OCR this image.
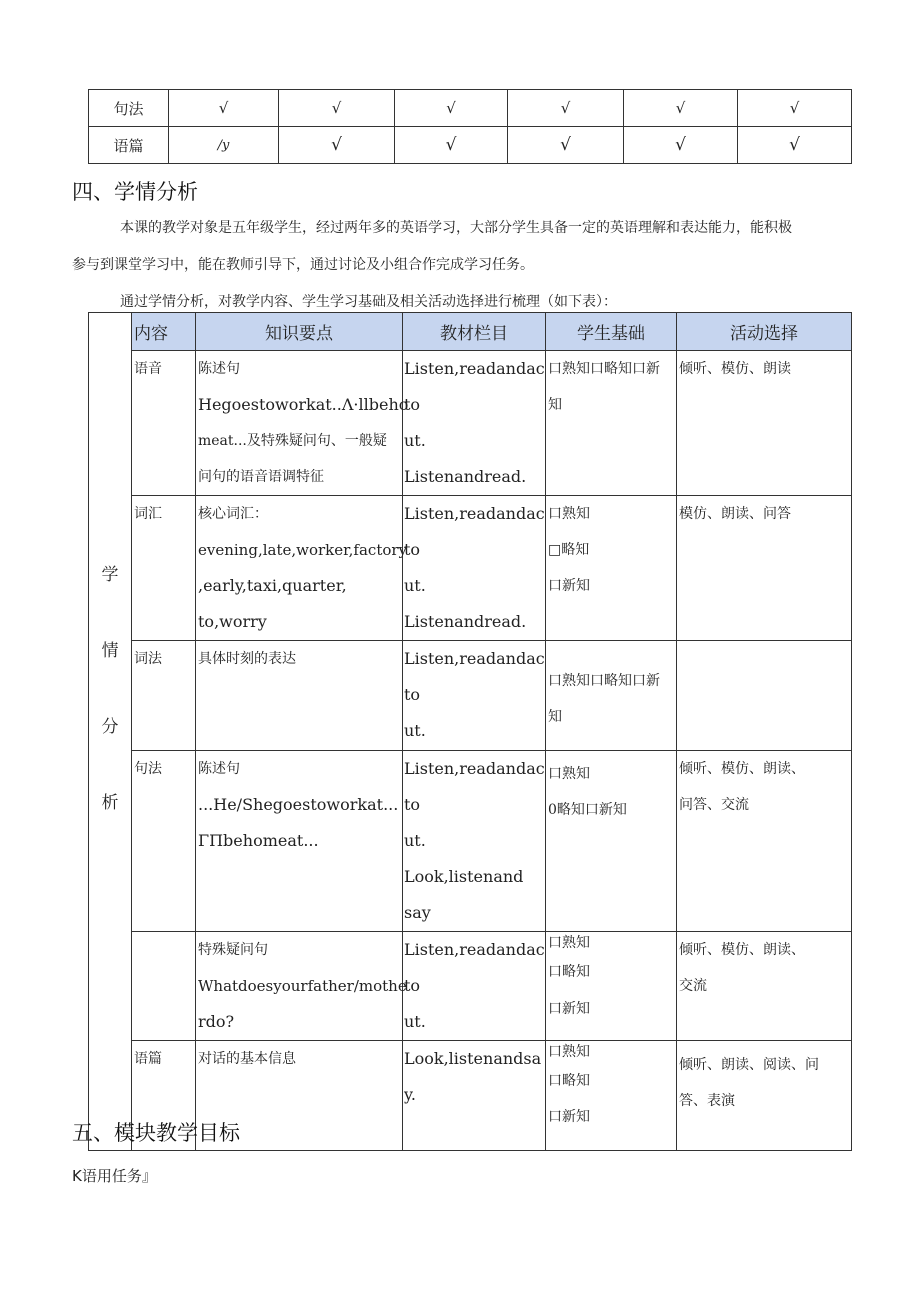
句法	√	√	√	√	√	√
语篇	/y	√	√	√	√	√
四、学情分析
本课的教学对象是五年级学生，经过两年多的英语学习，大部分学生具备一定的英语理解和表达能力，能积极
参与到课堂学习中，能在教师引导下，通过讨论及小组合作完成学习任务。
通过学情分析，对教学内容、学生学习基础及相关活动选择进行梳理（如下表）：
学
情
分
析	内容	知识要点	教材栏目	学生基础	活动选择
	语音	陈述句
Hegoestoworkat..Λ·llbeho
meat...及特殊疑问句、一般疑
问句的语音语调特征	Listen,readandacto
ut.
Listenandread.	口熟知口略知口新
知	倾听、模仿、朗读

	词汇	核心词汇：
evening,late,worker,factory
,early,taxi,quarter,
to,worry	Listen,readandacto
ut.
Listenandread.	口熟知
□略知
口新知	模仿、朗读、问答

	词法	具体时刻的表达	Listen,readandacto
ut.	口熟知口略知口新
知	

	句法	陈述句
...He/Shegoestoworkat...
ΓΠbehomeat...	Listen,readandacto
ut.
Look,listenand
say	口熟知
0略知口新知	倾听、模仿、朗读、
问答、交流

		特殊疑问句
Whatdoesyourfather/mothe
rdo?	Listen,readandacto
ut.	口熟知
口略知
口新知	倾听、模仿、朗读、
交流

	语篇	对话的基本信息	Look,listenandsay.	口熟知
口略知
口新知	倾听、朗读、阅读、问
答、表演
五、模块教学目标
K语用任务』
